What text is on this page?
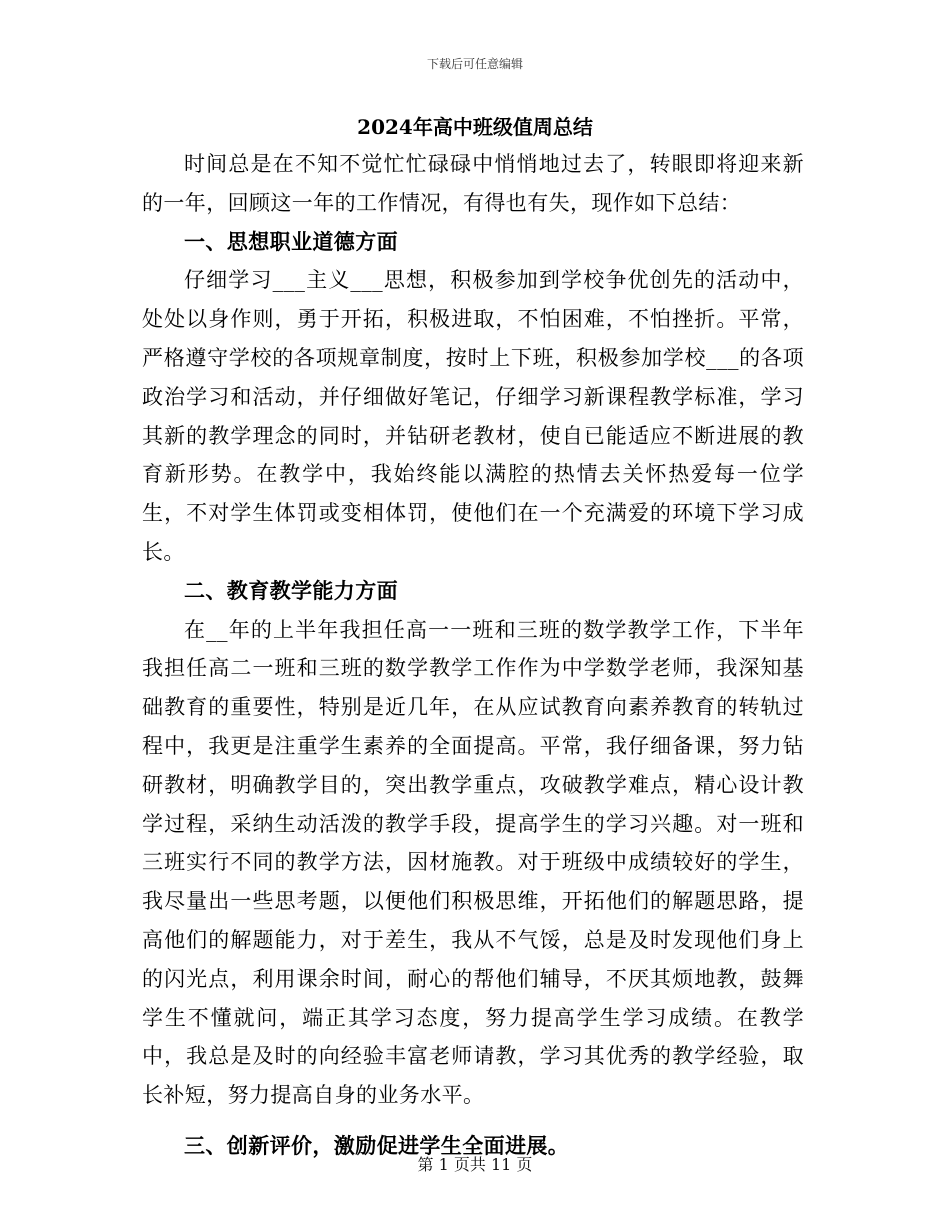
下载后可任意编辑
2024年高中班级值周总结

时间总是在不知不觉忙忙碌碌中悄悄地过去了，转眼即将迎来新的一年，回顾这一年的工作情况，有得也有失，现作如下总结：

一、思想职业道德方面

仔细学习___主义___思想，积极参加到学校争优创先的活动中，处处以身作则，勇于开拓，积极进取，不怕困难，不怕挫折。平常，严格遵守学校的各项规章制度，按时上下班，积极参加学校___的各项政治学习和活动，并仔细做好笔记，仔细学习新课程教学标准，学习其新的教学理念的同时，并钻研老教材，使自已能适应不断进展的教育新形势。在教学中，我始终能以满腔的热情去关怀热爱每一位学生，不对学生体罚或变相体罚，使他们在一个充满爱的环境下学习成长。

二、教育教学能力方面

在__年的上半年我担任高一一班和三班的数学教学工作，下半年我担任高二一班和三班的数学教学工作作为中学数学老师，我深知基础教育的重要性，特别是近几年，在从应试教育向素养教育的转轨过程中，我更是注重学生素养的全面提高。平常，我仔细备课，努力钻研教材，明确教学目的，突出教学重点，攻破教学难点，精心设计教学过程，采纳生动活泼的教学手段，提高学生的学习兴趣。对一班和三班实行不同的教学方法，因材施教。对于班级中成绩较好的学生，我尽量出一些思考题，以便他们积极思维，开拓他们的解题思路，提高他们的解题能力，对于差生，我从不气馁，总是及时发现他们身上的闪光点，利用课余时间，耐心的帮他们辅导，不厌其烦地教，鼓舞学生不懂就问，端正其学习态度，努力提高学生学习成绩。在教学中，我总是及时的向经验丰富老师请教，学习其优秀的教学经验，取长补短，努力提高自身的业务水平。

三、创新评价，激励促进学生全面进展。

第 1 页共 11 页
